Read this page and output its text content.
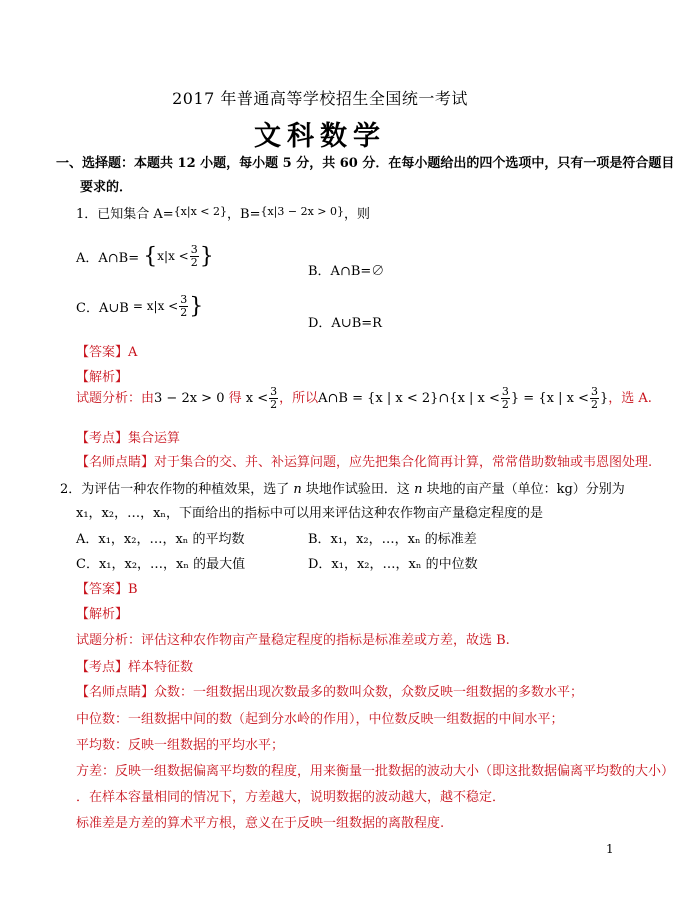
2017 年普通高等学校招生全国统一考试
文科数学
一、选择题：本题共 12 小题，每小题 5 分，共 60 分．在每小题给出的四个选项中，只有一项是符合题目
要求的．
1．已知集合 A=$^{\{x|x < 2\}}$，B=$^{\{x|3 - 2x > 0\}}$，则
A．A∩B= {$x|x < \frac{3}{2}$ }
B．A∩B=∅
C．A∪B = $x|x < \frac{3}{2}$ }
D．A∪B=R
【答案】A
【解析】
试题分析：由3 − 2x > 0 得 $x < \frac{3}{2}$ ，所以A∩B = {x | x < 2}∩{x | $x < \frac{3}{2}$ } = {x | $x < \frac{3}{2}$ }，选 A.
【考点】集合运算
【名师点睛】对于集合的交、并、补运算问题，应先把集合化简再计算，常常借助数轴或韦恩图处理.
2．为评估一种农作物的种植效果，选了 n 块地作试验田．这 n 块地的亩产量（单位：kg）分别为
x₁，x₂，…，xₙ，下面给出的指标中可以用来评估这种农作物亩产量稳定程度的是
A．x₁，x₂，…，xₙ 的平均数	B．x₁，x₂，…，xₙ 的标准差
C．x₁，x₂，…，xₙ 的最大值	D．x₁，x₂，…，xₙ 的中位数
【答案】B
【解析】
试题分析：评估这种农作物亩产量稳定程度的指标是标准差或方差，故选 B.
【考点】样本特征数
【名师点睛】众数：一组数据出现次数最多的数叫众数，众数反映一组数据的多数水平；
中位数：一组数据中间的数（起到分水岭的作用），中位数反映一组数据的中间水平；
平均数：反映一组数据的平均水平；
方差：反映一组数据偏离平均数的程度，用来衡量一批数据的波动大小（即这批数据偏离平均数的大小）
．在样本容量相同的情况下，方差越大，说明数据的波动越大，越不稳定．
标准差是方差的算术平方根，意义在于反映一组数据的离散程度.
1
